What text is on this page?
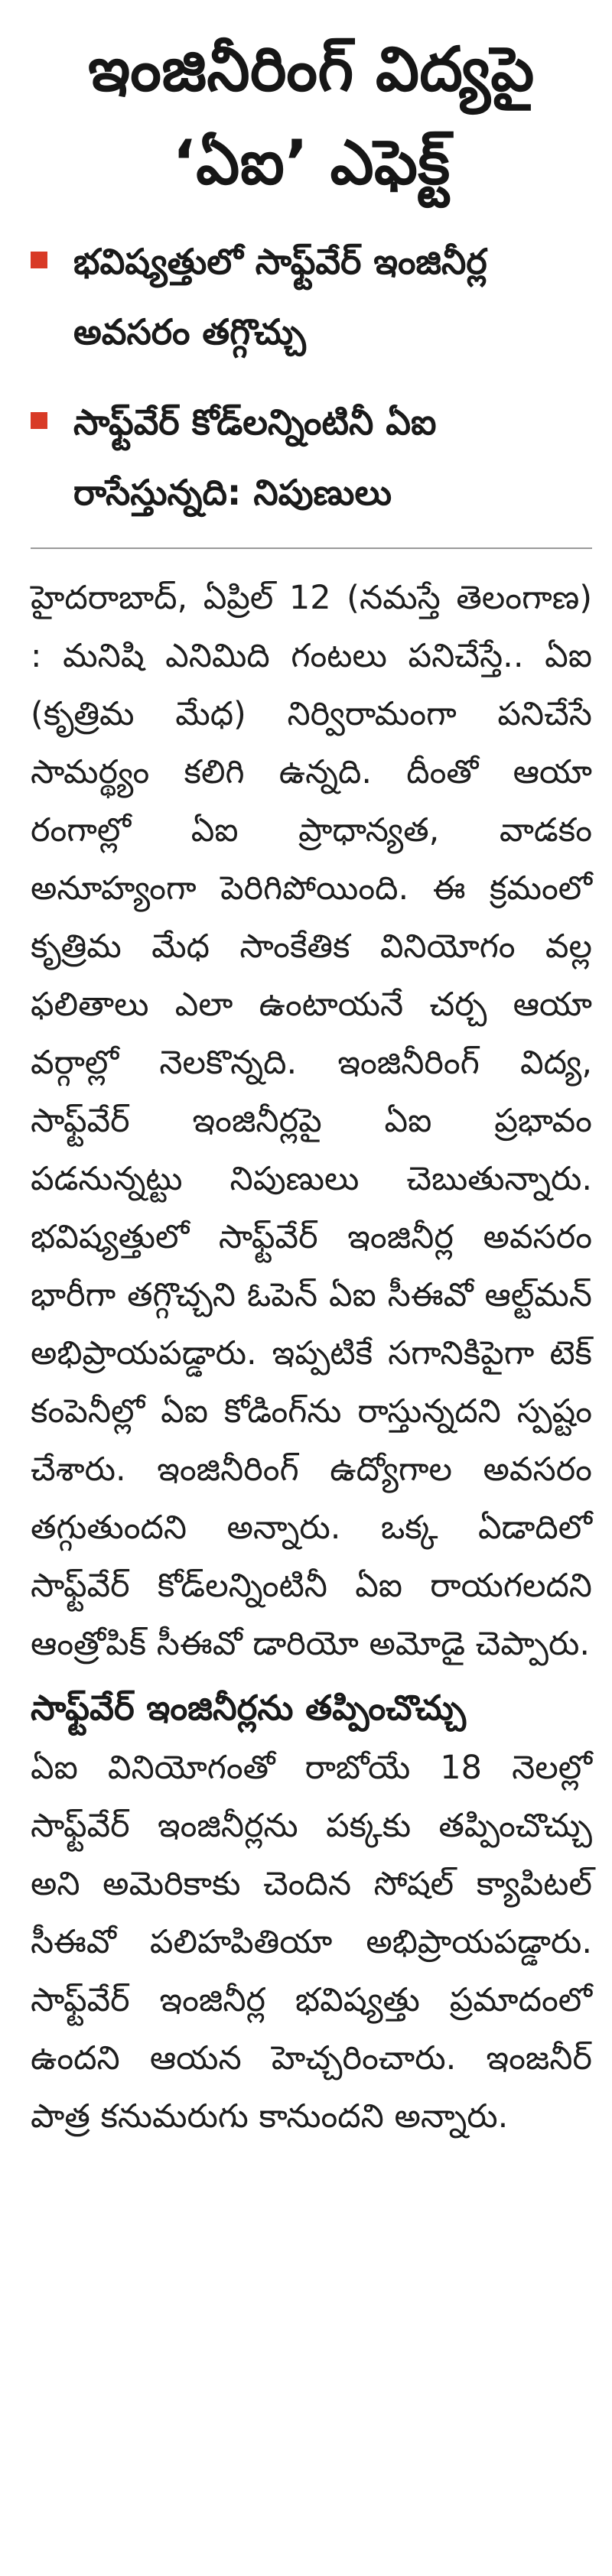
ఇంజినీరింగ్ విద్యపై ‘ఏఐ’ ఎఫెక్ట్
భవిష్యత్తులో సాఫ్ట్‌వేర్ ఇంజినీర్ల అవసరం తగ్గొచ్చు
సాఫ్ట్‌వేర్ కోడ్‌లన్నింటినీ ఏఐ రాసేస్తున్నది: నిపుణులు

హైదరాబాద్, ఏప్రిల్ 12 (నమస్తే తెలంగాణ) : మనిషి ఎనిమిది గంటలు పనిచేస్తే.. ఏఐ (కృత్రిమ మేధ) నిర్విరామంగా పనిచేసే సామర్థ్యం కలిగి ఉన్నది. దీంతో ఆయా రంగాల్లో ఏఐ ప్రాధాన్యత, వాడకం అనూహ్యంగా పెరిగిపోయింది. ఈ క్రమంలో కృత్రిమ మేధ సాంకేతిక వినియోగం వల్ల ఫలితాలు ఎలా ఉంటాయనే చర్చ ఆయా వర్గాల్లో నెలకొన్నది. ఇంజినీరింగ్ విద్య, సాఫ్ట్‌వేర్ ఇంజినీర్లపై ఏఐ ప్రభావం పడనున్నట్టు నిపుణులు చెబుతున్నారు. భవిష్యత్తులో సాఫ్ట్‌వేర్ ఇంజినీర్ల అవసరం భారీగా తగ్గొచ్చని ఓపెన్ ఏఐ సీఈవో ఆల్ట్‌మన్ అభిప్రాయపడ్డారు. ఇప్పటికే సగానికిపైగా టెక్ కంపెనీల్లో ఏఐ కోడింగ్‌ను రాస్తున్నదని స్పష్టం చేశారు. ఇంజినీరింగ్ ఉద్యోగాల అవసరం తగ్గుతుందని అన్నారు. ఒక్క ఏడాదిలో సాఫ్ట్‌వేర్ కోడ్‌లన్నింటినీ ఏఐ రాయగలదని ఆంత్రోపిక్ సీఈవో డారియో అమోడై చెప్పారు.

సాఫ్ట్‌వేర్ ఇంజినీర్లను తప్పించొచ్చు

ఏఐ వినియోగంతో రాబోయే 18 నెలల్లో సాఫ్ట్‌వేర్ ఇంజినీర్లను పక్కకు తప్పించొచ్చు అని అమెరికాకు చెందిన సోషల్ క్యాపిటల్ సీఈవో పలిహపితియా అభిప్రాయపడ్డారు. సాఫ్ట్‌వేర్ ఇంజినీర్ల భవిష్యత్తు ప్రమాదంలో ఉందని ఆయన హెచ్చరించారు. ఇంజనీర్ పాత్ర కనుమరుగు కానుందని అన్నారు.
